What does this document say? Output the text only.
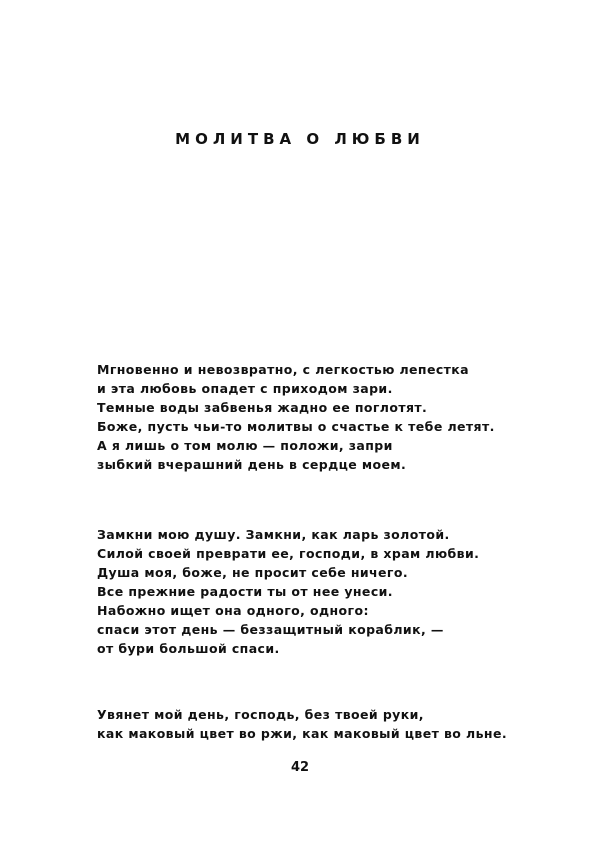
МОЛИТВА О ЛЮБВИ
Мгновенно и невозвратно, с легкостью лепестка
и эта любовь опадет с приходом зари.
Темные воды забвенья жадно ее поглотят.
Боже, пусть чьи-то молитвы о счастье к тебе летят.
А я лишь о том молю — положи, запри
зыбкий вчерашний день в сердце моем.
Замкни мою душу. Замкни, как ларь золотой.
Силой своей преврати ее, господи, в храм любви.
Душа моя, боже, не просит себе ничего.
Все прежние радости ты от нее унеси.
Набожно ищет она одного, одного:
спаси этот день — беззащитный кораблик, —
от бури большой спаси.
Увянет мой день, господь, без твоей руки,
как маковый цвет во ржи, как маковый цвет во льне.
42
